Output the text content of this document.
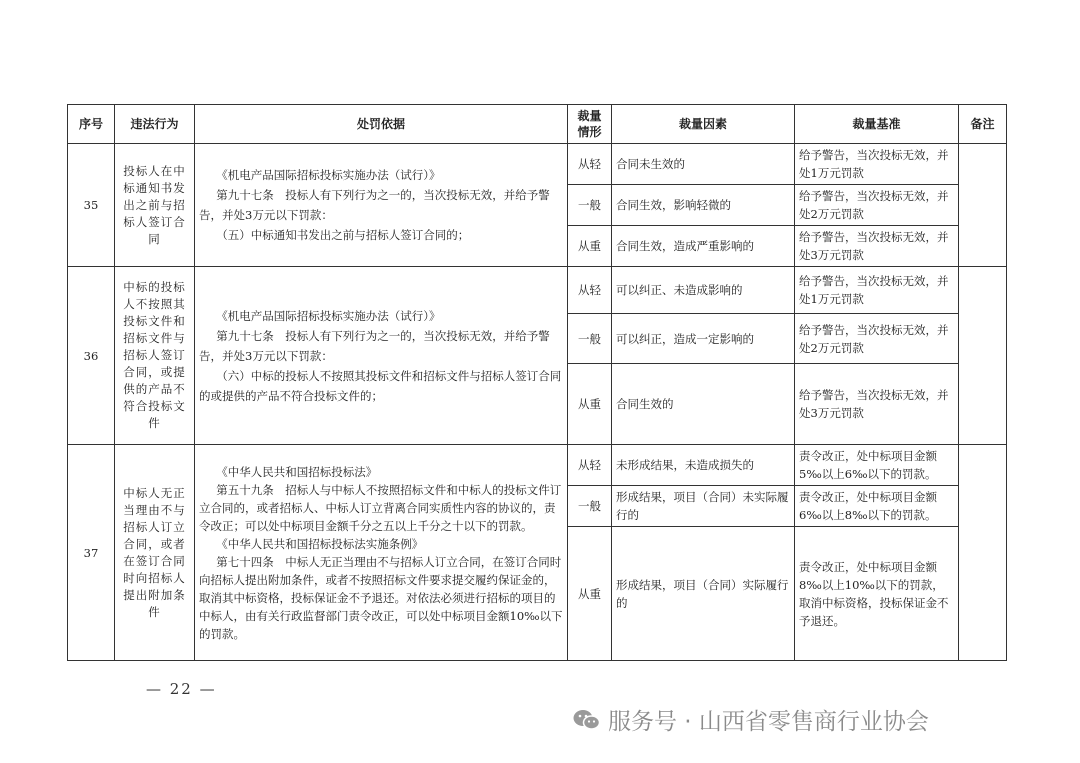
序号	违法行为	处罚依据	裁量情形	裁量因素	裁量基准	备注
35	投标人在中标通知书发出之前与招标人签订合同	《机电产品国际招标投标实施办法（试行）》

第九十七条　投标人有下列行为之一的，当次投标无效，并给予警告，并处3万元以下罚款：

（五）中标通知书发出之前与招标人签订合同的；	从轻	合同未生效的	给予警告，当次投标无效，并处1万元罚款	
			一般	合同生效，影响轻微的	给予警告，当次投标无效，并处2万元罚款	
			从重	合同生效，造成严重影响的	给予警告，当次投标无效，并处3万元罚款	
36	中标的投标人不按照其投标文件和招标文件与招标人签订合同，或提供的产品不符合投标文件	《机电产品国际招标投标实施办法（试行）》

第九十七条　投标人有下列行为之一的，当次投标无效，并给予警告，并处3万元以下罚款：

（六）中标的投标人不按照其投标文件和招标文件与招标人签订合同的或提供的产品不符合投标文件的；	从轻	可以纠正、未造成影响的	给予警告，当次投标无效，并处1万元罚款	
			一般	可以纠正，造成一定影响的	给予警告，当次投标无效，并处2万元罚款	
			从重	合同生效的	给予警告，当次投标无效，并处3万元罚款	
37	中标人无正当理由不与招标人订立合同，或者在签订合同时向招标人提出附加条件	《中华人民共和国招标投标法》

第五十九条　招标人与中标人不按照招标文件和中标人的投标文件订立合同的，或者招标人、中标人订立背离合同实质性内容的协议的，责令改正；可以处中标项目金额千分之五以上千分之十以下的罚款。

《中华人民共和国招标投标法实施条例》

第七十四条　中标人无正当理由不与招标人订立合同，在签订合同时向招标人提出附加条件，或者不按照招标文件要求提交履约保证金的，取消其中标资格，投标保证金不予退还。对依法必须进行招标的项目的中标人，由有关行政监督部门责令改正，可以处中标项目金额10‰以下的罚款。	从轻	未形成结果，未造成损失的	责令改正，处中标项目金额5‰以上6‰以下的罚款。	
			一般	形成结果，项目（合同）未实际履行的	责令改正，处中标项目金额6‰以上8‰以下的罚款。	
			从重	形成结果，项目（合同）实际履行的	责令改正，处中标项目金额8‰以上10‰以下的罚款，取消中标资格，投标保证金不予退还。	
— 22 —
服务号 · 山西省零售商行业协会
